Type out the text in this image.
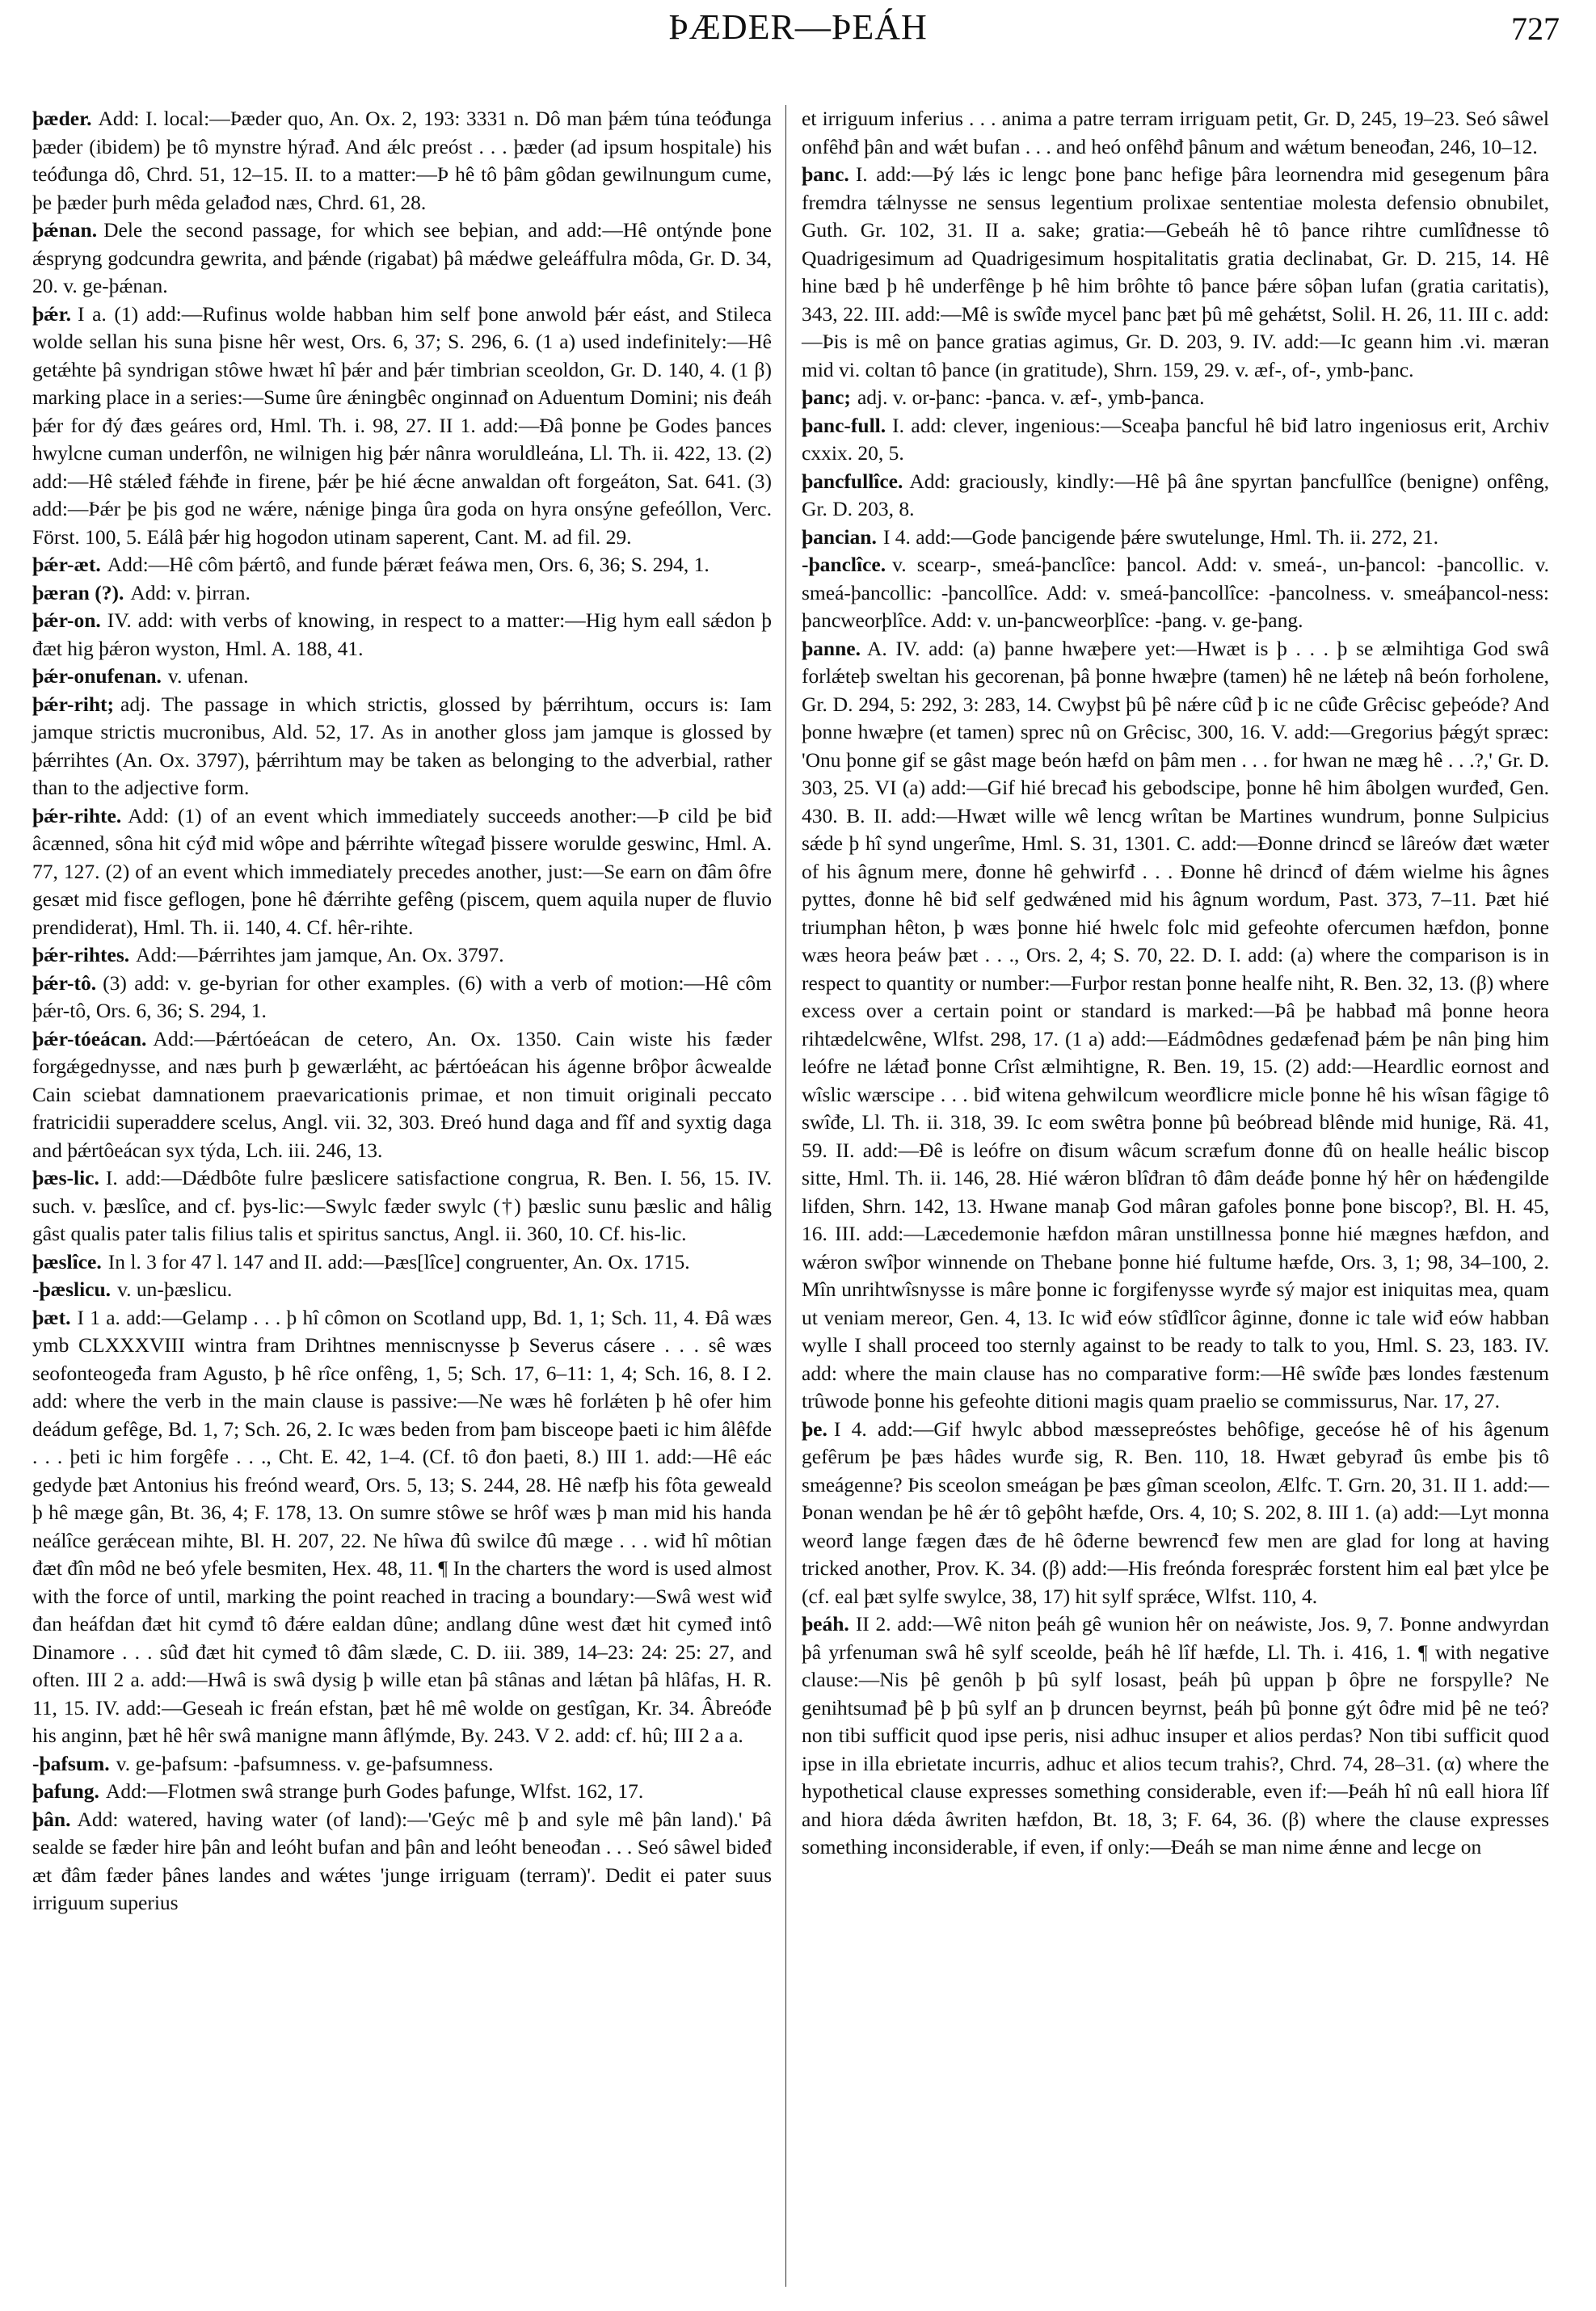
ÞÆDER—ÞEÁH	727

þæder. Add: I. local:—Þæder quo, An. Ox. 2, 193: 3331 n. Dô man þǽm túna teóđunga þæder (ibidem) þe tô mynstre hýrađ. And ǽlc preóst . . . þæder (ad ipsum hospitale) his teóđunga dô, Chrd. 51, 12–15. II. to a matter:—Þ hê tô þâm gôdan gewilnungum cume, þe þæder þurh mêda gelađod næs, Chrd. 61, 28.

þǽnan. Dele the second passage, for which see beþian, and add:—Hê ontýnde þone ǽspryng godcundra gewrita, and þǽnde (rigabat) þâ mǽdwe geleáffulra môda, Gr. D. 34, 20. v. ge-þǽnan.

þǽr. I a. (1) add:—Rufinus wolde habban him self þone anwold þǽr eást, and Stileca wolde sellan his suna þisne hêr west, Ors. 6, 37; S. 296, 6. (1 a) used indefinitely:—Hê getǽhte þâ syndrigan stôwe hwæt hî þǽr and þǽr timbrian sceoldon, Gr. D. 140, 4. (1 β) marking place in a series:—Sume ûre ǽningbêc onginnađ on Aduentum Domini; nis đeáh þǽr for đý đæs geáres ord, Hml. Th. i. 98, 27. II 1. add:—Đâ þonne þe Godes þances hwylcne cuman underfôn, ne wilnigen hig þǽr nânra woruldleána, Ll. Th. ii. 422, 13. (2) add:—Hê stǽleđ fǽhđe in firene, þǽr þe hié ǽcne anwaldan oft forgeáton, Sat. 641. (3) add:—Þǽr þe þis god ne wǽre, nǽnige þinga ûra goda on hyra onsýne gefeóllon, Verc. Först. 100, 5. Eálâ þǽr hig hogodon utinam saperent, Cant. M. ad fil. 29.

þǽr-æt. Add:—Hê côm þǽrtô, and funde þǽræt feáwa men, Ors. 6, 36; S. 294, 1.

þæran (?). Add: v. þirran.

þǽr-on. IV. add: with verbs of knowing, in respect to a matter:—Hig hym eall sǽdon þ đæt hig þǽron wyston, Hml. A. 188, 41.

þǽr-onufenan. v. ufenan.

þǽr-riht; adj. The passage in which strictis, glossed by þǽrrihtum, occurs is: Iam jamque strictis mucronibus, Ald. 52, 17. As in another gloss jam jamque is glossed by þǽrrihtes (An. Ox. 3797), þǽrrihtum may be taken as belonging to the adverbial, rather than to the adjective form.

þǽr-rihte. Add: (1) of an event which immediately succeeds another:—Þ cild þe biđ âcænned, sôna hit cýđ mid wôpe and þǽrrihte wîtegađ þissere worulde geswinc, Hml. A. 77, 127. (2) of an event which immediately precedes another, just:—Se earn on đâm ôfre gesæt mid fisce geflogen, þone hê đǽrrihte gefêng (piscem, quem aquila nuper de fluvio prendiderat), Hml. Th. ii. 140, 4. Cf. hêr-rihte.

þǽr-rihtes. Add:—Þǽrrihtes jam jamque, An. Ox. 3797.

þǽr-tô. (3) add: v. ge-byrian for other examples. (6) with a verb of motion:—Hê côm þǽr-tô, Ors. 6, 36; S. 294, 1.

þǽr-tóeácan. Add:—Þǽrtóeácan de cetero, An. Ox. 1350. Cain wiste his fæder forgǽgednysse, and næs þurh þ gewærlǽht, ac þǽrtóeácan his ágenne brôþor âcwealde Cain sciebat damnationem praevaricationis primae, et non timuit originali peccato fratricidii superaddere scelus, Angl. vii. 32, 303. Đreó hund daga and fîf and syxtig daga and þǽrtôeácan syx týda, Lch. iii. 246, 13.

þæs-lic. I. add:—Dǽdbôte fulre þæslicere satisfactione congrua, R. Ben. I. 56, 15. IV. such. v. þæslîce, and cf. þys-lic:—Swylc fæder swylc (†) þæslic sunu þæslic and hâlig gâst qualis pater talis filius talis et spiritus sanctus, Angl. ii. 360, 10. Cf. his-lic.

þæslîce. In l. 3 for 47 l. 147 and II. add:—Þæs[lîce] congruenter, An. Ox. 1715.

-þæslicu. v. un-þæslicu.

þæt. I 1 a. add:—Gelamp . . . þ hî cômon on Scotland upp, Bd. 1, 1; Sch. 11, 4. Đâ wæs ymb CLXXXVIII wintra fram Drihtnes menniscnysse þ Severus cásere . . . sê wæs seofonteogeđa fram Agusto, þ hê rîce onfêng, 1, 5; Sch. 17, 6–11: 1, 4; Sch. 16, 8. I 2. add: where the verb in the main clause is passive:—Ne wæs hê forlǽten þ hê ofer him deádum gefêge, Bd. 1, 7; Sch. 26, 2. Ic wæs beden from þam bisceope þaeti ic him âlêfde . . . þeti ic him forgêfe . . ., Cht. E. 42, 1–4. (Cf. tô đon þaeti, 8.) III 1. add:—Hê eác gedyde þæt Antonius his freónd wearđ, Ors. 5, 13; S. 244, 28. Hê næfþ his fôta geweald þ hê mæge gân, Bt. 36, 4; F. 178, 13. On sumre stôwe se hrôf wæs þ man mid his handa neálîce gerǽcean mihte, Bl. H. 207, 22. Ne hîwa đû swilce đû mæge . . . wiđ hî môtian đæt đîn môd ne beó yfele besmiten, Hex. 48, 11. ¶ In the charters the word is used almost with the force of until, marking the point reached in tracing a boundary:—Swâ west wiđ đan heáfdan đæt hit cymđ tô đǽre ealdan dûne; andlang dûne west đæt hit cymeđ intô Dinamore . . . sûđ đæt hit cymeđ tô đâm slæde, C. D. iii. 389, 14–23: 24: 25: 27, and often. III 2 a. add:—Hwâ is swâ dysig þ wille etan þâ stânas and lǽtan þâ hlâfas, H. R. 11, 15. IV. add:—Geseah ic freán efstan, þæt hê mê wolde on gestîgan, Kr. 34. Âbreóđe his anginn, þæt hê hêr swâ manigne mann âflýmde, By. 243. V 2. add: cf. hû; III 2 a a.

-þafsum. v. ge-þafsum: -þafsumness. v. ge-þafsumness.

þafung. Add:—Flotmen swâ strange þurh Godes þafunge, Wlfst. 162, 17.

þân. Add: watered, having water (of land):—'Geýc mê þ and syle mê þân land).' Þâ sealde se fæder hire þân and leóht bufan and þân and leóht beneođan . . . Seó sâwel bideđ æt đâm fæder þânes landes and wǽtes 'junge irriguam (terram)'. Dedit ei pater suus irriguum superius

et irriguum inferius . . . anima a patre terram irriguam petit, Gr. D, 245, 19–23. Seó sâwel onfêhđ þân and wǽt bufan . . . and heó onfêhđ þânum and wǽtum beneođan, 246, 10–12.

þanc. I. add:—Þý lǽs ic lengc þone þanc hefige þâra leornendra mid gesegenum þâra fremdra tǽlnysse ne sensus legentium prolixae sententiae molesta defensio obnubilet, Guth. Gr. 102, 31. II a. sake; gratia:—Gebeáh hê tô þance rihtre cumlîđnesse tô Quadrigesimum ad Quadrigesimum hospitalitatis gratia declinabat, Gr. D. 215, 14. Hê hine bæd þ hê underfênge þ hê him brôhte tô þance þǽre sôþan lufan (gratia caritatis), 343, 22. III. add:—Mê is swîđe mycel þanc þæt þû mê gehǽtst, Solil. H. 26, 11. III c. add:—Þis is mê on þance gratias agimus, Gr. D. 203, 9. IV. add:—Ic geann him .vi. mæran mid vi. coltan tô þance (in gratitude), Shrn. 159, 29. v. æf-, of-, ymb-þanc.

þanc; adj. v. or-þanc: -þanca. v. æf-, ymb-þanca.

þanc-full. I. add: clever, ingenious:—Sceaþa þancful hê biđ latro ingeniosus erit, Archiv cxxix. 20, 5.

þancfullîce. Add: graciously, kindly:—Hê þâ âne spyrtan þancfullîce (benigne) onfêng, Gr. D. 203, 8.

þancian. I 4. add:—Gode þancigende þǽre swutelunge, Hml. Th. ii. 272, 21.

-þanclîce. v. scearp-, smeá-þanclîce: þancol. Add: v. smeá-, un-þancol: -þancollic. v. smeá-þancollic: -þancollîce. Add: v. smeá-þancollîce: -þancolness. v. smeáþancol-ness: þancweorþlîce. Add: v. un-þancweorþlîce: -þang. v. ge-þang.

þanne. A. IV. add: (a) þanne hwæþere yet:—Hwæt is þ . . . þ se ælmihtiga God swâ forlǽteþ sweltan his gecorenan, þâ þonne hwæþre (tamen) hê ne lǽteþ nâ beón forholene, Gr. D. 294, 5: 292, 3: 283, 14. Cwyþst þû þê nǽre cûđ þ ic ne cûđe Grêcisc geþeóde? And þonne hwæþre (et tamen) sprec nû on Grêcisc, 300, 16. V. add:—Gregorius þǽgýt spræc: 'Onu þonne gif se gâst mage beón hæfd on þâm men . . . for hwan ne mæg hê . . .?,' Gr. D. 303, 25. VI (a) add:—Gif hié brecađ his gebodscipe, þonne hê him âbolgen wurđeđ, Gen. 430. B. II. add:—Hwæt wille wê lencg wrîtan be Martines wundrum, þonne Sulpicius sǽde þ hî synd ungerîme, Hml. S. 31, 1301. C. add:—Đonne drincđ se lâreów đæt wæter of his âgnum mere, đonne hê gehwirfđ . . . Đonne hê drincđ of đǽm wielme his âgnes pyttes, đonne hê biđ self gedwǽned mid his âgnum wordum, Past. 373, 7–11. Þæt hié triumphan hêton, þ wæs þonne hié hwelc folc mid gefeohte ofercumen hæfdon, þonne wæs heora þeáw þæt . . ., Ors. 2, 4; S. 70, 22. D. I. add: (a) where the comparison is in respect to quantity or number:—Furþor restan þonne healfe niht, R. Ben. 32, 13. (β) where excess over a certain point or standard is marked:—Þâ þe habbađ mâ þonne heora rihtædelcwêne, Wlfst. 298, 17. (1 a) add:—Eádmôdnes gedæfenađ þǽm þe nân þing him leófre ne lǽtađ þonne Crîst ælmihtigne, R. Ben. 19, 15. (2) add:—Heardlic eornost and wîslic wærscipe . . . biđ witena gehwilcum weorđlicre micle þonne hê his wîsan fâgige tô swîđe, Ll. Th. ii. 318, 39. Ic eom swêtra þonne þû beóbread blênde mid hunige, Rä. 41, 59. II. add:—Đê is leófre on đisum wâcum scræfum đonne đû on healle heálic biscop sitte, Hml. Th. ii. 146, 28. Hié wǽron blîđran tô đâm deáđe þonne hý hêr on hǽđengilde lifden, Shrn. 142, 13. Hwane manaþ God mâran gafoles þonne þone biscop?, Bl. H. 45, 16. III. add:—Læcedemonie hæfdon mâran unstillnessa þonne hié mægnes hæfdon, and wǽron swîþor winnende on Thebane þonne hié fultume hæfde, Ors. 3, 1; 98, 34–100, 2. Mîn unrihtwîsnysse is mâre þonne ic forgifenysse wyrđe sý major est iniquitas mea, quam ut veniam mereor, Gen. 4, 13. Ic wiđ eów stîđlîcor âginne, đonne ic tale wiđ eów habban wylle I shall proceed too sternly against to be ready to talk to you, Hml. S. 23, 183. IV. add: where the main clause has no comparative form:—Hê swîđe þæs londes fæstenum trûwode þonne his gefeohte ditioni magis quam praelio se commissurus, Nar. 17, 27.

þe. I 4. add:—Gif hwylc abbod mæssepreóstes behôfige, geceóse hê of his âgenum gefêrum þe þæs hâdes wurđe sig, R. Ben. 110, 18. Hwæt gebyrađ ûs embe þis tô smeágenne? Þis sceolon smeágan þe þæs gîman sceolon, Ælfc. T. Grn. 20, 31. II 1. add:—Þonan wendan þe hê ǽr tô geþôht hæfde, Ors. 4, 10; S. 202, 8. III 1. (a) add:—Lyt monna weorđ lange fægen đæs đe hê ôđerne bewrencđ few men are glad for long at having tricked another, Prov. K. 34. (β) add:—His freónda foresprǽc forstent him eal þæt ylce þe (cf. eal þæt sylfe swylce, 38, 17) hit sylf sprǽce, Wlfst. 110, 4.

þeáh. II 2. add:—Wê niton þeáh gê wunion hêr on neáwiste, Jos. 9, 7. Þonne andwyrdan þâ yrfenuman swâ hê sylf sceolde, þeáh hê lîf hæfde, Ll. Th. i. 416, 1. ¶ with negative clause:—Nis þê genôh þ þû sylf losast, þeáh þû uppan þ ôþre ne forspylle? Ne genihtsumađ þê þ þû sylf an þ druncen beyrnst, þeáh þû þonne gýt ôđre mid þê ne teó? non tibi sufficit quod ipse peris, nisi adhuc insuper et alios perdas? Non tibi sufficit quod ipse in illa ebrietate incurris, adhuc et alios tecum trahis?, Chrd. 74, 28–31. (α) where the hypothetical clause expresses something considerable, even if:—Þeáh hî nû eall hiora lîf and hiora dǽda âwriten hæfdon, Bt. 18, 3; F. 64, 36. (β) where the clause expresses something inconsiderable, if even, if only:—Đeáh se man nime ǽnne and lecge on
